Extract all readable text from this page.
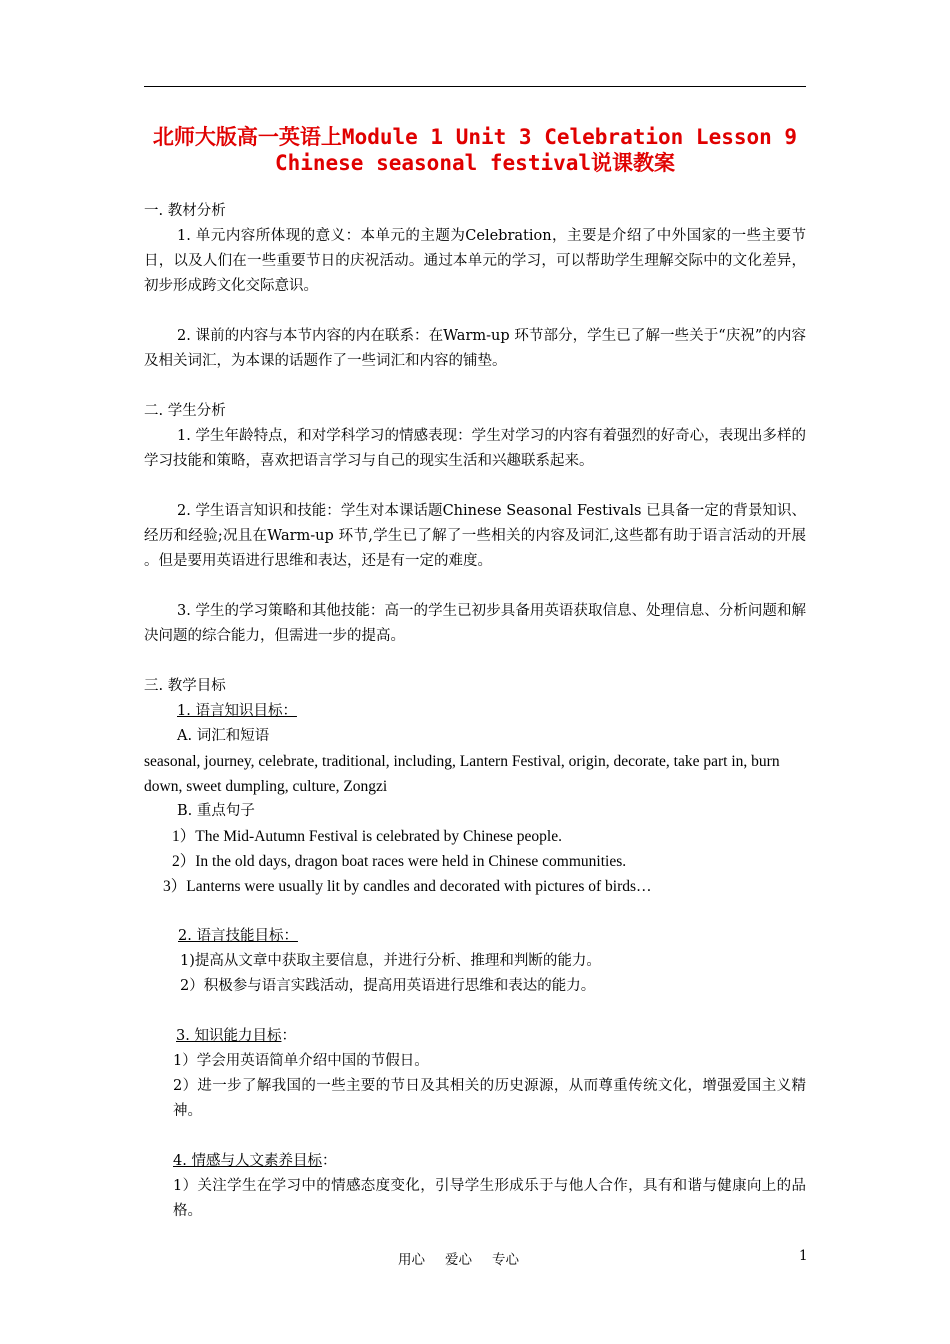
北师大版高一英语上Module 1 Unit 3 Celebration Lesson 9
Chinese seasonal festival说课教案

一. 教材分析

1. 单元内容所体现的意义：本单元的主题为Celebration，主要是介绍了中外国家的一些主要节日，以及人们在一些重要节日的庆祝活动。通过本单元的学习，可以帮助学生理解交际中的文化差异，初步形成跨文化交际意识。

2. 课前的内容与本节内容的内在联系：在Warm-up 环节部分，学生已了解一些关于“庆祝”的内容及相关词汇，为本课的话题作了一些词汇和内容的铺垫。

二. 学生分析

1. 学生年龄特点，和对学科学习的情感表现：学生对学习的内容有着强烈的好奇心，表现出多样的学习技能和策略，喜欢把语言学习与自己的现实生活和兴趣联系起来。

2. 学生语言知识和技能：学生对本课话题Chinese Seasonal Festivals 已具备一定的背景知识、经历和经验;况且在Warm-up 环节,学生已了解了一些相关的内容及词汇,这些都有助于语言活动的开展 。但是要用英语进行思维和表达，还是有一定的难度。

3. 学生的学习策略和其他技能：高一的学生已初步具备用英语获取信息、处理信息、分析问题和解决问题的综合能力，但需进一步的提高。

三. 教学目标

1. 语言知识目标：

A. 词汇和短语

seasonal, journey, celebrate, traditional, including, Lantern Festival, origin, decorate, take part in, burn down, sweet dumpling, culture, Zongzi

B. 重点句子

1）The Mid-Autumn Festival is celebrated by Chinese people.

2）In the old days, dragon boat races were held in Chinese communities.

3）Lanterns were usually lit by candles and decorated with pictures of birds…

2. 语言技能目标：

1)提高从文章中获取主要信息，并进行分析、推理和判断的能力。

2）积极参与语言实践活动，提高用英语进行思维和表达的能力。

3. 知识能力目标：

1）学会用英语简单介绍中国的节假日。

2）进一步了解我国的一些主要的节日及其相关的历史源源，从而尊重传统文化，增强爱国主义精神。

4. 情感与人文素养目标：

1）关注学生在学习中的情感态度变化，引导学生形成乐于与他人合作，具有和谐与健康向上的品格。

用心 爱心 专心	1
